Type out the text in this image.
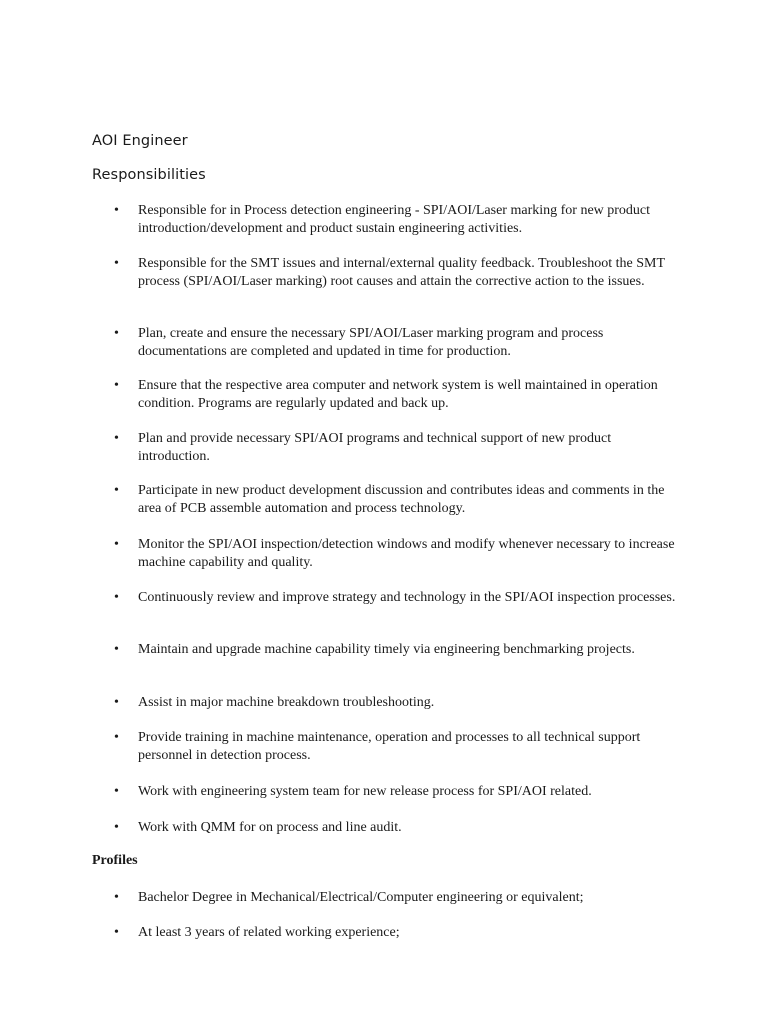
AOI Engineer
Responsibilities
•	Responsible for in Process detection engineering - SPI/AOI/Laser marking for new product introduction/development and product sustain engineering activities.
•	Responsible for the SMT issues and internal/external quality feedback. Troubleshoot the SMT process (SPI/AOI/Laser marking) root causes and attain the corrective action to the issues.
•	Plan, create and ensure the necessary SPI/AOI/Laser marking program and process documentations are completed and updated in time for production.
•	Ensure that the respective area computer and network system is well maintained in operation condition. Programs are regularly updated and back up.
•	Plan and provide necessary SPI/AOI programs and technical support of new product introduction.
•	Participate in new product development discussion and contributes ideas and comments in the area of PCB assemble automation and process technology.
•	Monitor the SPI/AOI inspection/detection windows and modify whenever necessary to increase machine capability and quality.
•	Continuously review and improve strategy and technology in the SPI/AOI inspection processes.
•	Maintain and upgrade machine capability timely via engineering benchmarking projects.
•	Assist in major machine breakdown troubleshooting.
•	Provide training in machine maintenance, operation and processes to all technical support personnel in detection process.
•	Work with engineering system team for new release process for SPI/AOI related.
•	Work with QMM for on process and line audit.
Profiles
•	Bachelor Degree in Mechanical/Electrical/Computer engineering or equivalent;
•	At least 3 years of related working experience;
